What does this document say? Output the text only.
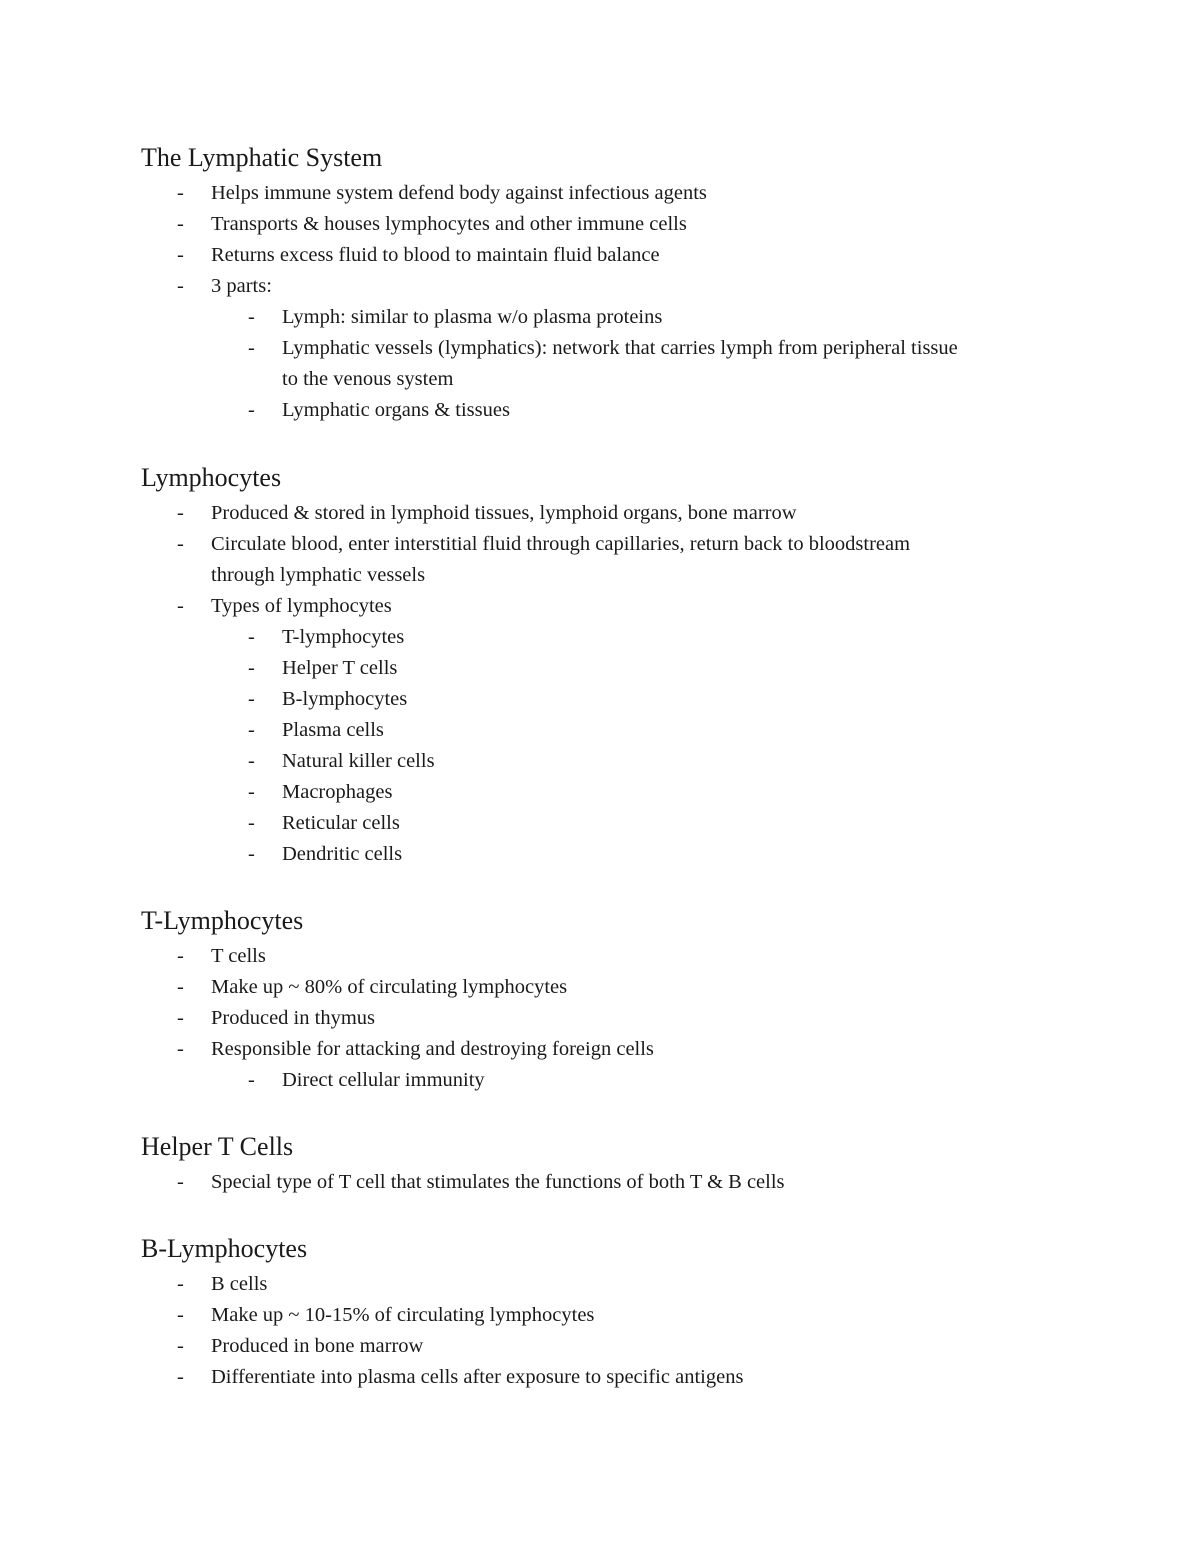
The Lymphatic System
- Helps immune system defend body against infectious agents
- Transports & houses lymphocytes and other immune cells
- Returns excess fluid to blood to maintain fluid balance
- 3 parts:
- Lymph: similar to plasma w/o plasma proteins
- Lymphatic vessels (lymphatics): network that carries lymph from peripheral tissue
to the venous system
- Lymphatic organs & tissues
Lymphocytes
- Produced & stored in lymphoid tissues, lymphoid organs, bone marrow
- Circulate blood, enter interstitial fluid through capillaries, return back to bloodstream
through lymphatic vessels
- Types of lymphocytes
- T-lymphocytes
- Helper T cells
- B-lymphocytes
- Plasma cells
- Natural killer cells
- Macrophages
- Reticular cells
- Dendritic cells
T-Lymphocytes
- T cells
- Make up ~ 80% of circulating lymphocytes
- Produced in thymus
- Responsible for attacking and destroying foreign cells
- Direct cellular immunity
Helper T Cells
- Special type of T cell that stimulates the functions of both T & B cells
B-Lymphocytes
- B cells
- Make up ~ 10-15% of circulating lymphocytes
- Produced in bone marrow
- Differentiate into plasma cells after exposure to specific antigens
